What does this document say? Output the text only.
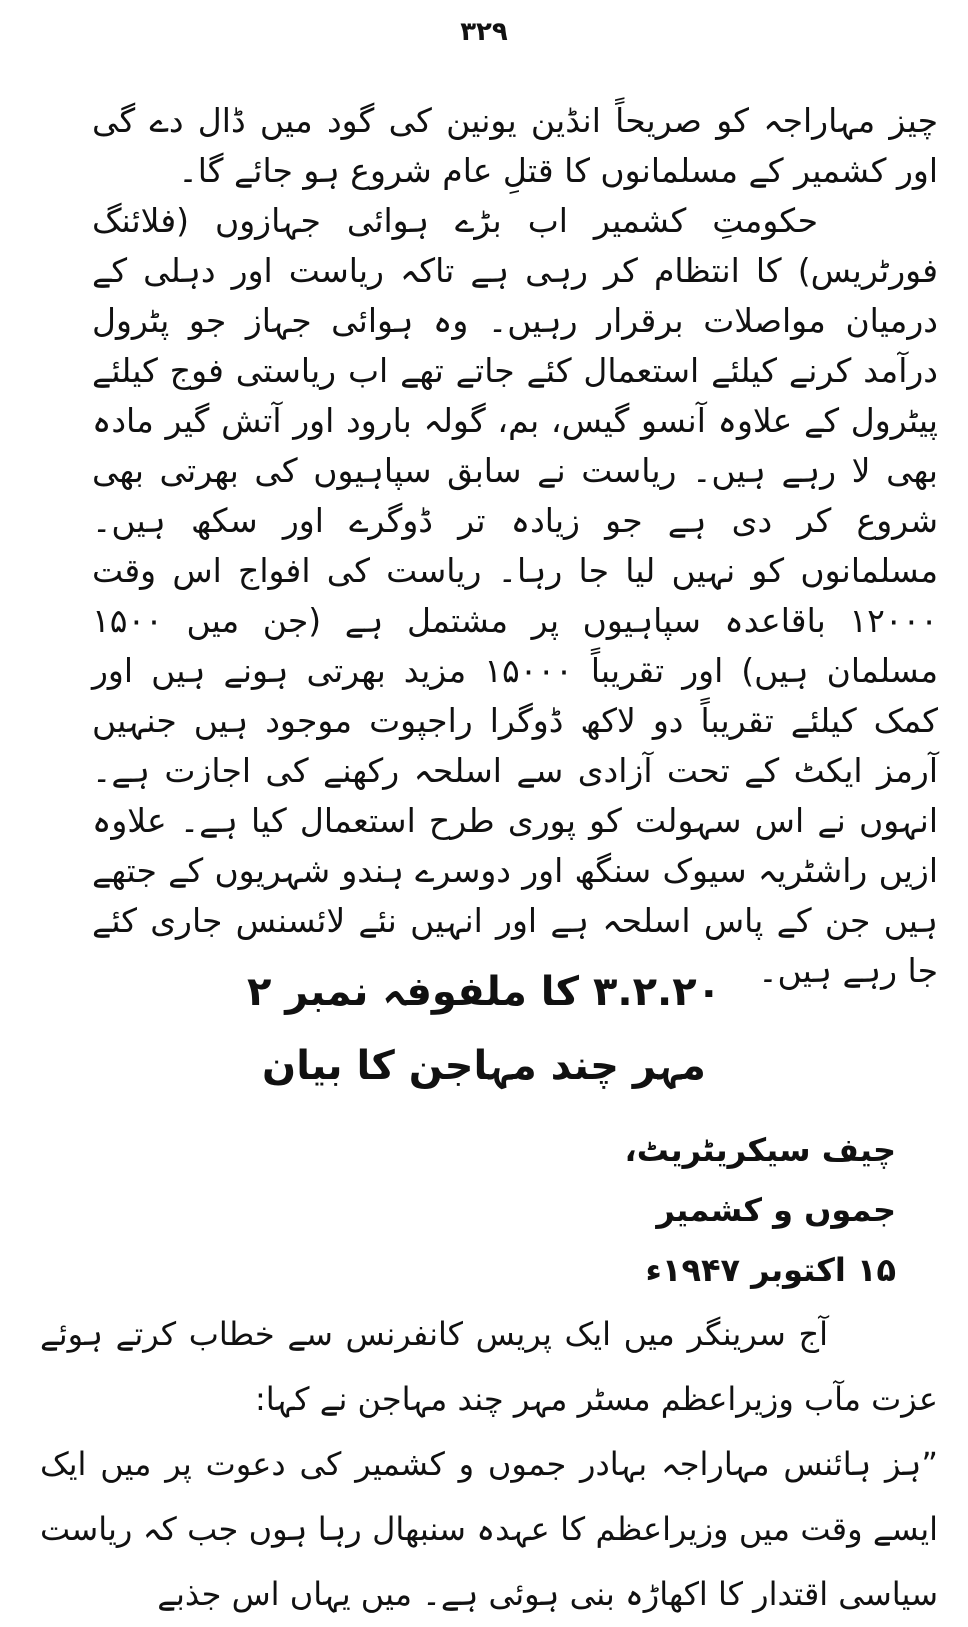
۳۲۹

چیز مہاراجہ کو صریحاً انڈین یونین کی گود میں ڈال دے گی اور کشمیر کے مسلمانوں کا قتلِ عام شروع ہو جائے گا۔

حکومتِ کشمیر اب بڑے ہوائی جہازوں (فلائنگ فورٹریس) کا انتظام کر رہی ہے تاکہ ریاست اور دہلی کے درمیان مواصلات برقرار رہیں۔ وہ ہوائی جہاز جو پٹرول درآمد کرنے کیلئے استعمال کئے جاتے تھے اب ریاستی فوج کیلئے پیٹرول کے علاوہ آنسو گیس، بم، گولہ بارود اور آتش گیر مادہ بھی لا رہے ہیں۔ ریاست نے سابق سپاہیوں کی بھرتی بھی شروع کر دی ہے جو زیادہ تر ڈوگرے اور سکھ ہیں۔ مسلمانوں کو نہیں لیا جا رہا۔ ریاست کی افواج اس وقت ۱۲۰۰۰ باقاعدہ سپاہیوں پر مشتمل ہے (جن میں ۱۵۰۰ مسلمان ہیں) اور تقریباً ۱۵۰۰۰ مزید بھرتی ہونے ہیں اور کمک کیلئے تقریباً دو لاکھ ڈوگرا راجپوت موجود ہیں جنہیں آرمز ایکٹ کے تحت آزادی سے اسلحہ رکھنے کی اجازت ہے۔ انہوں نے اس سہولت کو پوری طرح استعمال کیا ہے۔ علاوہ ازیں راشٹریہ سیوک سنگھ اور دوسرے ہندو شہریوں کے جتھے ہیں جن کے پاس اسلحہ ہے اور انہیں نئے لائسنس جاری کئے جا رہے ہیں۔

۳.۲.۲۰ کا ملفوفہ نمبر ۲

مہر چند مہاجن کا بیان

چیف سیکریٹریٹ،
جموں و کشمیر
۱۵ اکتوبر ۱۹۴۷ء

آج سرینگر میں ایک پریس کانفرنس سے خطاب کرتے ہوئے عزت مآب وزیراعظم مسٹر مہر چند مہاجن نے کہا:

”ہز ہائنس مہاراجہ بہادر جموں و کشمیر کی دعوت پر میں ایک ایسے وقت میں وزیراعظم کا عہدہ سنبھال رہا ہوں جب کہ ریاست سیاسی اقتدار کا اکھاڑہ بنی ہوئی ہے۔ میں یہاں اس جذبے
